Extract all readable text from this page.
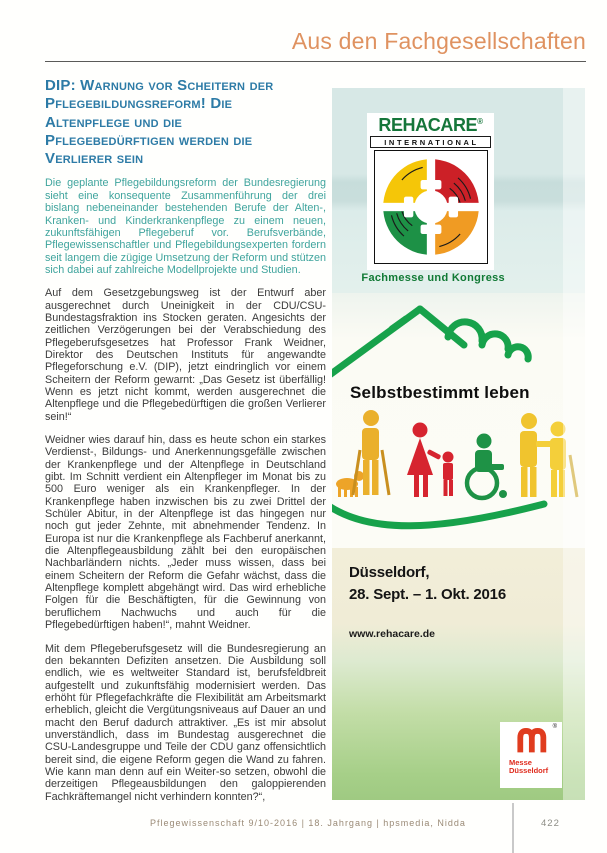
Aus den Fachgesellschaften
DIP: Warnung vor Scheitern der Pflegebildungsreform! Die Altenpflege und die Pflegebedürftigen werden die Verlierer sein

Die geplante Pflegebildungsreform der Bundesregierung sieht eine konsequente Zusammenführung der drei bislang nebeneinander bestehenden Berufe der Alten-, Kranken- und Kinderkrankenpflege zu einem neuen, zukunftsfähigen Pflegeberuf vor. Berufsverbände, Pflegewissenschaftler und Pflegebildungsexperten fordern seit langem die zügige Umsetzung der Reform und stützen sich dabei auf zahlreiche Modellprojekte und Studien.

Auf dem Gesetzgebungsweg ist der Entwurf aber ausgerechnet durch Uneinigkeit in der CDU/CSU-Bundestagsfraktion ins Stocken geraten. Angesichts der zeitlichen Verzögerungen bei der Verabschiedung des Pflegeberufsgesetzes hat Professor Frank Weidner, Direktor des Deutschen Instituts für angewandte Pflegeforschung e.V. (DIP), jetzt eindringlich vor einem Scheitern der Reform gewarnt: „Das Gesetz ist überfällig! Wenn es jetzt nicht kommt, werden ausgerechnet die Altenpflege und die Pflegebedürftigen die großen Verlierer sein!“

Weidner wies darauf hin, dass es heute schon ein starkes Verdienst-, Bildungs- und Anerkennungsgefälle zwischen der Krankenpflege und der Altenpflege in Deutschland gibt. Im Schnitt verdient ein Altenpfleger im Monat bis zu 500 Euro weniger als ein Krankenpfleger. In der Krankenpflege haben inzwischen bis zu zwei Drittel der Schüler Abitur, in der Altenpflege ist das hingegen nur noch gut jeder Zehnte, mit abnehmender Tendenz. In Europa ist nur die Krankenpflege als Fachberuf anerkannt, die Altenpflegeausbildung zählt bei den europäischen Nachbarländern nichts. „Jeder muss wissen, dass bei einem Scheitern der Reform die Gefahr wächst, dass die Altenpflege komplett abgehängt wird. Das wird erhebliche Folgen für die Beschäftigten, für die Gewinnung von beruflichem Nachwuchs und auch für die Pflegebedürftigen haben!“, mahnt Weidner.

Mit dem Pflegeberufsgesetz will die Bundesregierung an den bekannten Defiziten ansetzen. Die Ausbildung soll endlich, wie es weltweiter Standard ist, berufsfeldbreit aufgestellt und zukunftsfähig modernisiert werden. Das erhöht für Pflegefachkräfte die Flexibilität am Arbeitsmarkt erheblich, gleicht die Vergütungsniveaus auf Dauer an und macht den Beruf dadurch attraktiver. „Es ist mir absolut unverständlich, dass im Bundestag ausgerechnet die CSU-Landesgruppe und Teile der CDU ganz offensichtlich bereit sind, die eigene Reform gegen die Wand zu fahren. Wie kann man denn auf ein Weiter-so setzen, obwohl die derzeitigen Pflegeausbildungen den galoppierenden Fachkräftemangel nicht verhindern konnten?“,

REHACARE®
INTERNATIONAL
Fachmesse und Kongress
Selbstbestimmt leben
Düsseldorf,
28. Sept. – 1. Okt. 2016
www.rehacare.de
®
Messe
Düsseldorf
Pflegewissenschaft 9/10-2016 | 18. Jahrgang | hpsmedia, Nidda	422
